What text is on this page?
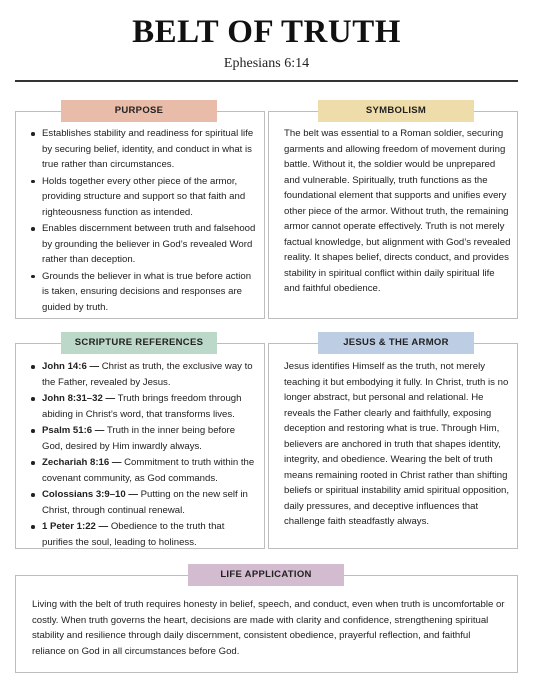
BELT OF TRUTH
Ephesians 6:14
PURPOSE
Establishes stability and readiness for spiritual life by securing belief, identity, and conduct in what is true rather than circumstances.
Holds together every other piece of the armor, providing structure and support so that faith and righteousness function as intended.
Enables discernment between truth and falsehood by grounding the believer in God’s revealed Word rather than deception.
Grounds the believer in what is true before action is taken, ensuring decisions and responses are guided by truth.
SYMBOLISM
The belt was essential to a Roman soldier, securing garments and allowing freedom of movement during battle. Without it, the soldier would be unprepared and vulnerable. Spiritually, truth functions as the foundational element that supports and unifies every other piece of the armor. Without truth, the remaining armor cannot operate effectively. Truth is not merely factual knowledge, but alignment with God’s revealed reality. It shapes belief, directs conduct, and provides stability in spiritual conflict within daily spiritual life and faithful obedience.
SCRIPTURE REFERENCES
John 14:6 — Christ as truth, the exclusive way to the Father, revealed by Jesus.
John 8:31–32 — Truth brings freedom through abiding in Christ’s word, that transforms lives.
Psalm 51:6 — Truth in the inner being before God, desired by Him inwardly always.
Zechariah 8:16 — Commitment to truth within the covenant community, as God commands.
Colossians 3:9–10 — Putting on the new self in Christ, through continual renewal.
1 Peter 1:22 — Obedience to the truth that purifies the soul, leading to holiness.
JESUS & THE ARMOR
Jesus identifies Himself as the truth, not merely teaching it but embodying it fully. In Christ, truth is no longer abstract, but personal and relational. He reveals the Father clearly and faithfully, exposing deception and restoring what is true. Through Him, believers are anchored in truth that shapes identity, integrity, and obedience. Wearing the belt of truth means remaining rooted in Christ rather than shifting beliefs or spiritual instability amid spiritual opposition, daily pressures, and deceptive influences that challenge faith steadfastly always.
LIFE APPLICATION
Living with the belt of truth requires honesty in belief, speech, and conduct, even when truth is uncomfortable or costly. When truth governs the heart, decisions are made with clarity and confidence, strengthening spiritual stability and resilience through daily discernment, consistent obedience, prayerful reflection, and faithful reliance on God in all circumstances before God.
